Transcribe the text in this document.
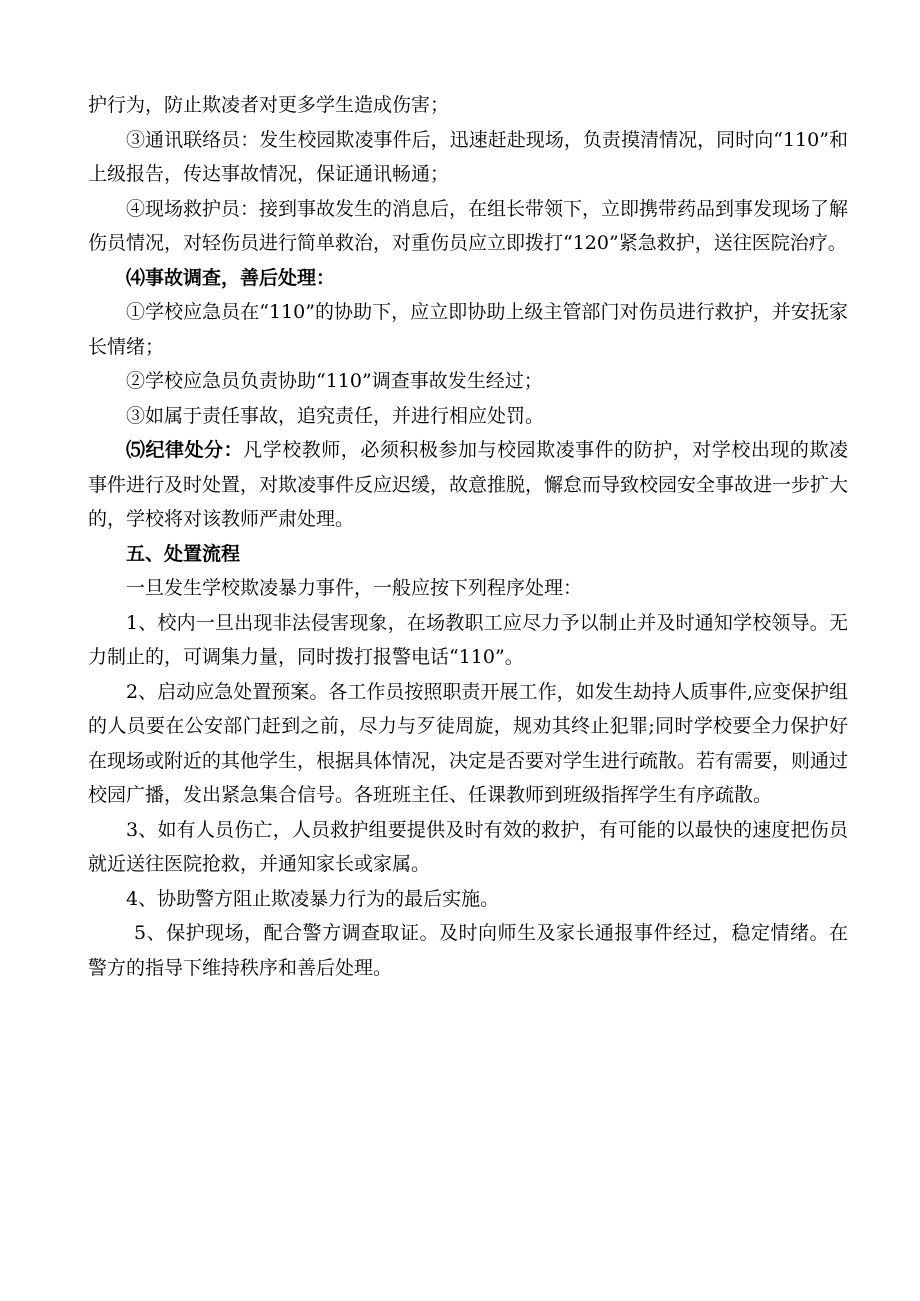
护行为，防止欺凌者对更多学生造成伤害；

③通讯联络员：发生校园欺凌事件后，迅速赶赴现场，负责摸清情况，同时向“110”和上级报告，传达事故情况，保证通讯畅通；

④现场救护员：接到事故发生的消息后，在组长带领下，立即携带药品到事发现场了解伤员情况，对轻伤员进行简单救治，对重伤员应立即拨打“120”紧急救护，送往医院治疗。

⑷事故调查，善后处理：

①学校应急员在“110”的协助下，应立即协助上级主管部门对伤员进行救护，并安抚家长情绪；

②学校应急员负责协助“110”调查事故发生经过；

③如属于责任事故，追究责任，并进行相应处罚。

⑸纪律处分：凡学校教师，必须积极参加与校园欺凌事件的防护，对学校出现的欺凌事件进行及时处置，对欺凌事件反应迟缓，故意推脱，懈怠而导致校园安全事故进一步扩大的，学校将对该教师严肃处理。

五、处置流程

一旦发生学校欺凌暴力事件，一般应按下列程序处理：

1、校内一旦出现非法侵害现象，在场教职工应尽力予以制止并及时通知学校领导。无力制止的，可调集力量，同时拨打报警电话“110”。

2、启动应急处置预案。各工作员按照职责开展工作，如发生劫持人质事件,应变保护组的人员要在公安部门赶到之前，尽力与歹徒周旋，规劝其终止犯罪;同时学校要全力保护好在现场或附近的其他学生，根据具体情况，决定是否要对学生进行疏散。若有需要，则通过校园广播，发出紧急集合信号。各班班主任、任课教师到班级指挥学生有序疏散。

3、如有人员伤亡，人员救护组要提供及时有效的救护，有可能的以最快的速度把伤员就近送往医院抢救，并通知家长或家属。

4、协助警方阻止欺凌暴力行为的最后实施。

5、保护现场，配合警方调查取证。及时向师生及家长通报事件经过，稳定情绪。在警方的指导下维持秩序和善后处理。
